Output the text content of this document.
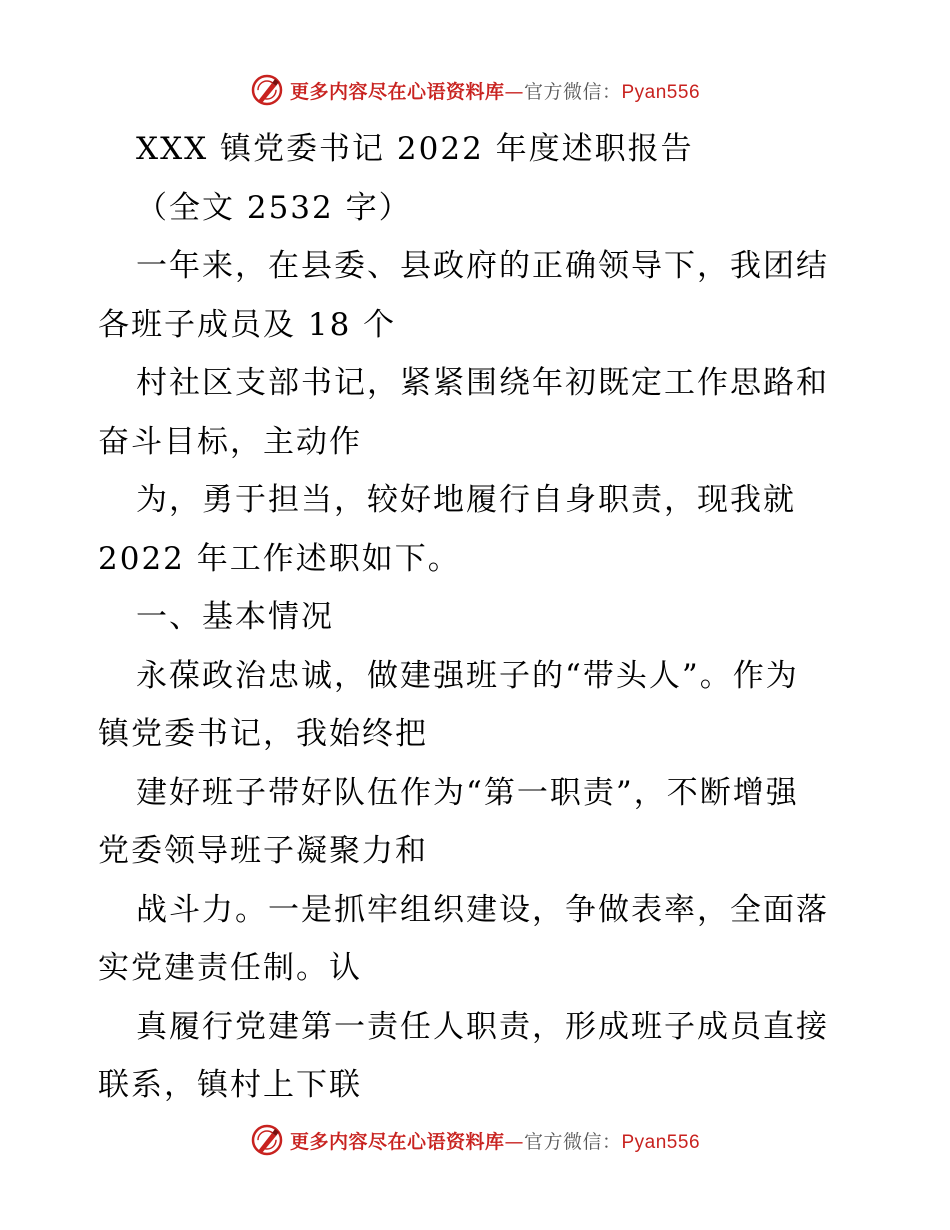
更多内容尽在心语资料库—官方微信：Pyan556
XXX 镇党委书记 2022 年度述职报告
（全文 2532 字）
一年来，在县委、县政府的正确领导下，我团结
各班子成员及 18 个
村社区支部书记，紧紧围绕年初既定工作思路和
奋斗目标，主动作
为，勇于担当，较好地履行自身职责，现我就
2022 年工作述职如下。
一、基本情况
永葆政治忠诚，做建强班子的“带头人”。作为
镇党委书记，我始终把
建好班子带好队伍作为“第一职责”，不断增强
党委领导班子凝聚力和
战斗力。一是抓牢组织建设，争做表率，全面落
实党建责任制。认
真履行党建第一责任人职责，形成班子成员直接
联系，镇村上下联
更多内容尽在心语资料库—官方微信：Pyan556
